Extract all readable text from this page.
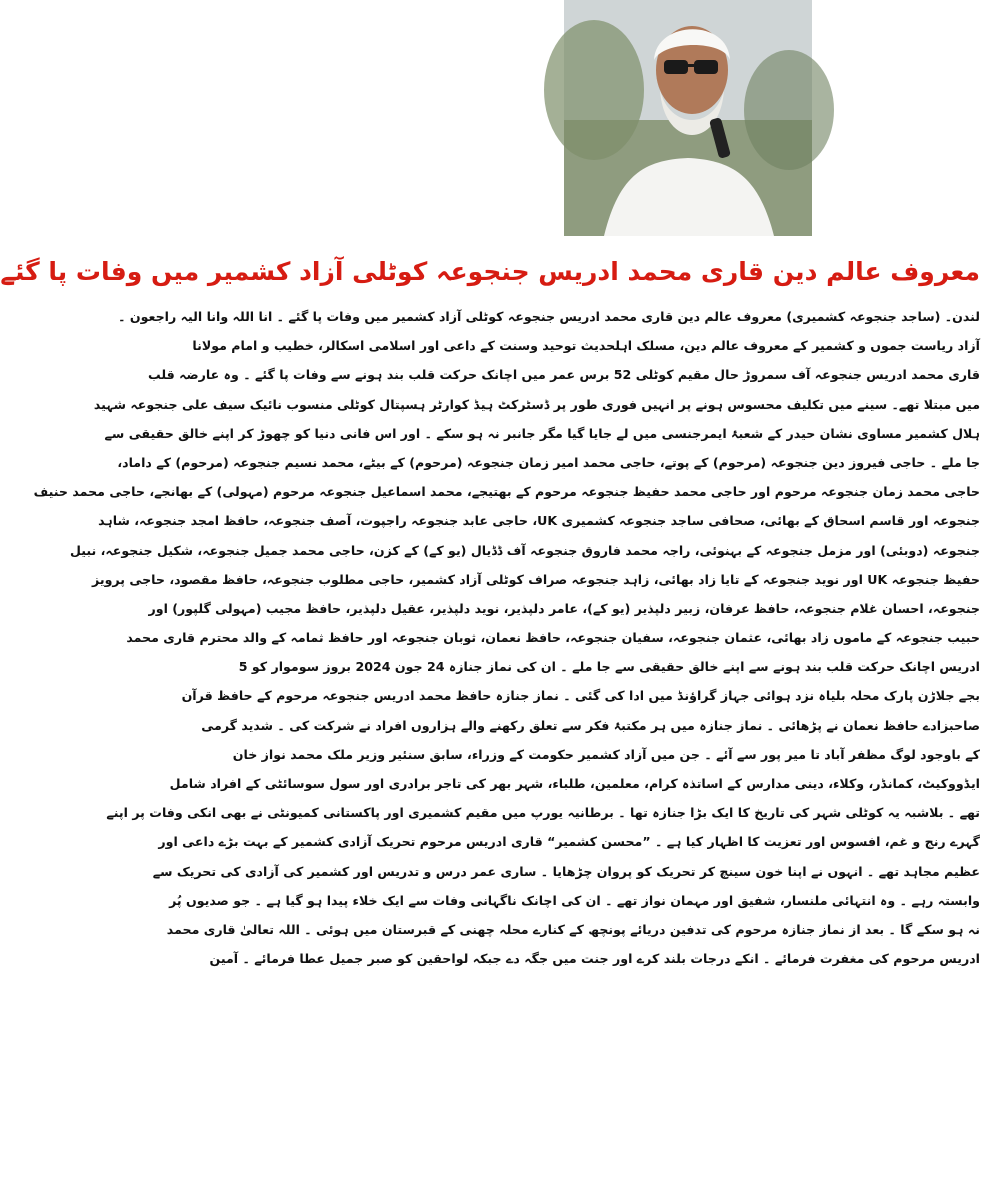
معروف عالم دین قاری محمد ادریس جنجوعہ کوٹلی آزاد کشمیر میں وفات پا گئے
لندن۔ (ساجد جنجوعہ کشمیری) معروف عالم دین قاری محمد ادریس جنجوعہ کوٹلی آزاد کشمیر میں وفات پا گئے ۔ انا اللہ وانا الیہ راجعون ۔
آزاد ریاست جموں و کشمیر کے معروف عالم دین، مسلک اہلحدیث توحید وسنت کے داعی اور اسلامی اسکالر، خطیب و امام مولانا
قاری محمد ادریس جنجوعہ آف سمروڑ حال مقیم کوٹلی 52 برس عمر میں اچانک حرکت قلب بند ہونے سے وفات پا گئے ۔ وہ عارضہ قلب
میں مبتلا تھے۔ سینے میں تکلیف محسوس ہونے پر انہیں فوری طور پر ڈسٹرکٹ ہیڈ کوارٹر ہسپتال کوٹلی منسوب نائیک سیف علی جنجوعہ شہید
ہلال کشمیر مساوی نشان حیدر کے شعبۂ ایمرجنسی میں لے جایا گیا مگر جانبر نہ ہو سکے ۔ اور اس فانی دنیا کو چھوڑ کر اپنے خالق حقیقی سے
جا ملے ۔ حاجی فیروز دین جنجوعہ (مرحوم) کے پوتے، حاجی محمد امیر زمان جنجوعہ (مرحوم) کے بیٹے، محمد نسیم جنجوعہ (مرحوم) کے داماد،
حاجی محمد زمان جنجوعہ مرحوم اور حاجی محمد حفیظ جنجوعہ مرحوم کے بھتیجے، محمد اسماعیل جنجوعہ مرحوم (مہولی) کے بھانجے، حاجی محمد حنیف
جنجوعہ اور قاسم اسحاق کے بھائی، صحافی ساجد جنجوعہ کشمیری UK، حاجی عابد جنجوعہ راجپوت، آصف جنجوعہ، حافظ امجد جنجوعہ، شاہد
جنجوعہ (دوبئی) اور مزمل جنجوعہ کے بہنوئی، راجہ محمد فاروق جنجوعہ آف ڈڈیال (یو کے) کے کزن، حاجی محمد جمیل جنجوعہ، شکیل جنجوعہ، نبیل
حفیظ جنجوعہ UK اور نوید جنجوعہ کے تایا زاد بھائی، زاہد جنجوعہ صراف کوٹلی آزاد کشمیر، حاجی مطلوب جنجوعہ، حافظ مقصود، حاجی پرویز
جنجوعہ، احسان غلام جنجوعہ، حافظ عرفان، زبیر دلپذیر (یو کے)، عامر دلپذیر، نوید دلپذیر، عقیل دلپذیر، حافظ مجیب (مہولی گلپور) اور
حبیب جنجوعہ کے ماموں زاد بھائی، عثمان جنجوعہ، سفیان جنجوعہ، حافظ نعمان، ثوبان جنجوعہ اور حافظ ثمامہ کے والد محترم قاری محمد
ادریس اچانک حرکت قلب بند ہونے سے اپنے خالق حقیقی سے جا ملے ۔ ان کی نماز جنازہ 24 جون 2024 بروز سوموار کو 5
بجے جلاڑن پارک محلہ بلیاہ نزد ہوائی جہاز گراؤنڈ میں ادا کی گئی ۔ نماز جنازہ حافظ محمد ادریس جنجوعہ مرحوم کے حافظ قرآن
صاحبزادے حافظ نعمان نے پڑھائی ۔ نماز جنازہ میں ہر مکتبۂ فکر سے تعلق رکھنے والے ہزاروں افراد نے شرکت کی ۔ شدید گرمی
کے باوجود لوگ مظفر آباد تا میر پور سے آئے ۔ جن میں آزاد کشمیر حکومت کے وزراء، سابق سنئیر وزیر ملک محمد نواز خان
ایڈووکیٹ، کمانڈر، وکلاء، دینی مدارس کے اساتذہ کرام، معلمین، طلباء، شہر بھر کی تاجر برادری اور سول سوسائٹی کے افراد شامل
تھے ۔ بلاشبہ یہ کوٹلی شہر کی تاریخ کا ایک بڑا جنازہ تھا ۔ برطانیہ یورپ میں مقیم کشمیری اور پاکستانی کمیونٹی نے بھی انکی وفات پر اپنے
گہرے رنج و غم، افسوس اور تعزیت کا اظہار کیا ہے ۔ ”محسن کشمیر“ قاری ادریس مرحوم تحریک آزادی کشمیر کے بہت بڑے داعی اور
عظیم مجاہد تھے ۔ انہوں نے اپنا خون سینچ کر تحریک کو پروان چڑھایا ۔ ساری عمر درس و تدریس اور کشمیر کی آزادی کی تحریک سے
وابستہ رہے ۔ وہ انتہائی ملنسار، شفیق اور مہمان نواز تھے ۔ ان کی اچانک ناگہانی وفات سے ایک خلاء پیدا ہو گیا ہے ۔ جو صدیوں پُر
نہ ہو سکے گا ۔ بعد از نماز جنازہ مرحوم کی تدفین دریائے پونچھ کے کنارے محلہ چھنی کے قبرستان میں ہوئی ۔ اللہ تعالیٰ قاری محمد
ادریس مرحوم کی مغفرت فرمائے ۔ انکے درجات بلند کرے اور جنت میں جگہ دے جبکہ لواحقین کو صبر جمیل عطا فرمائے ۔ آمین
